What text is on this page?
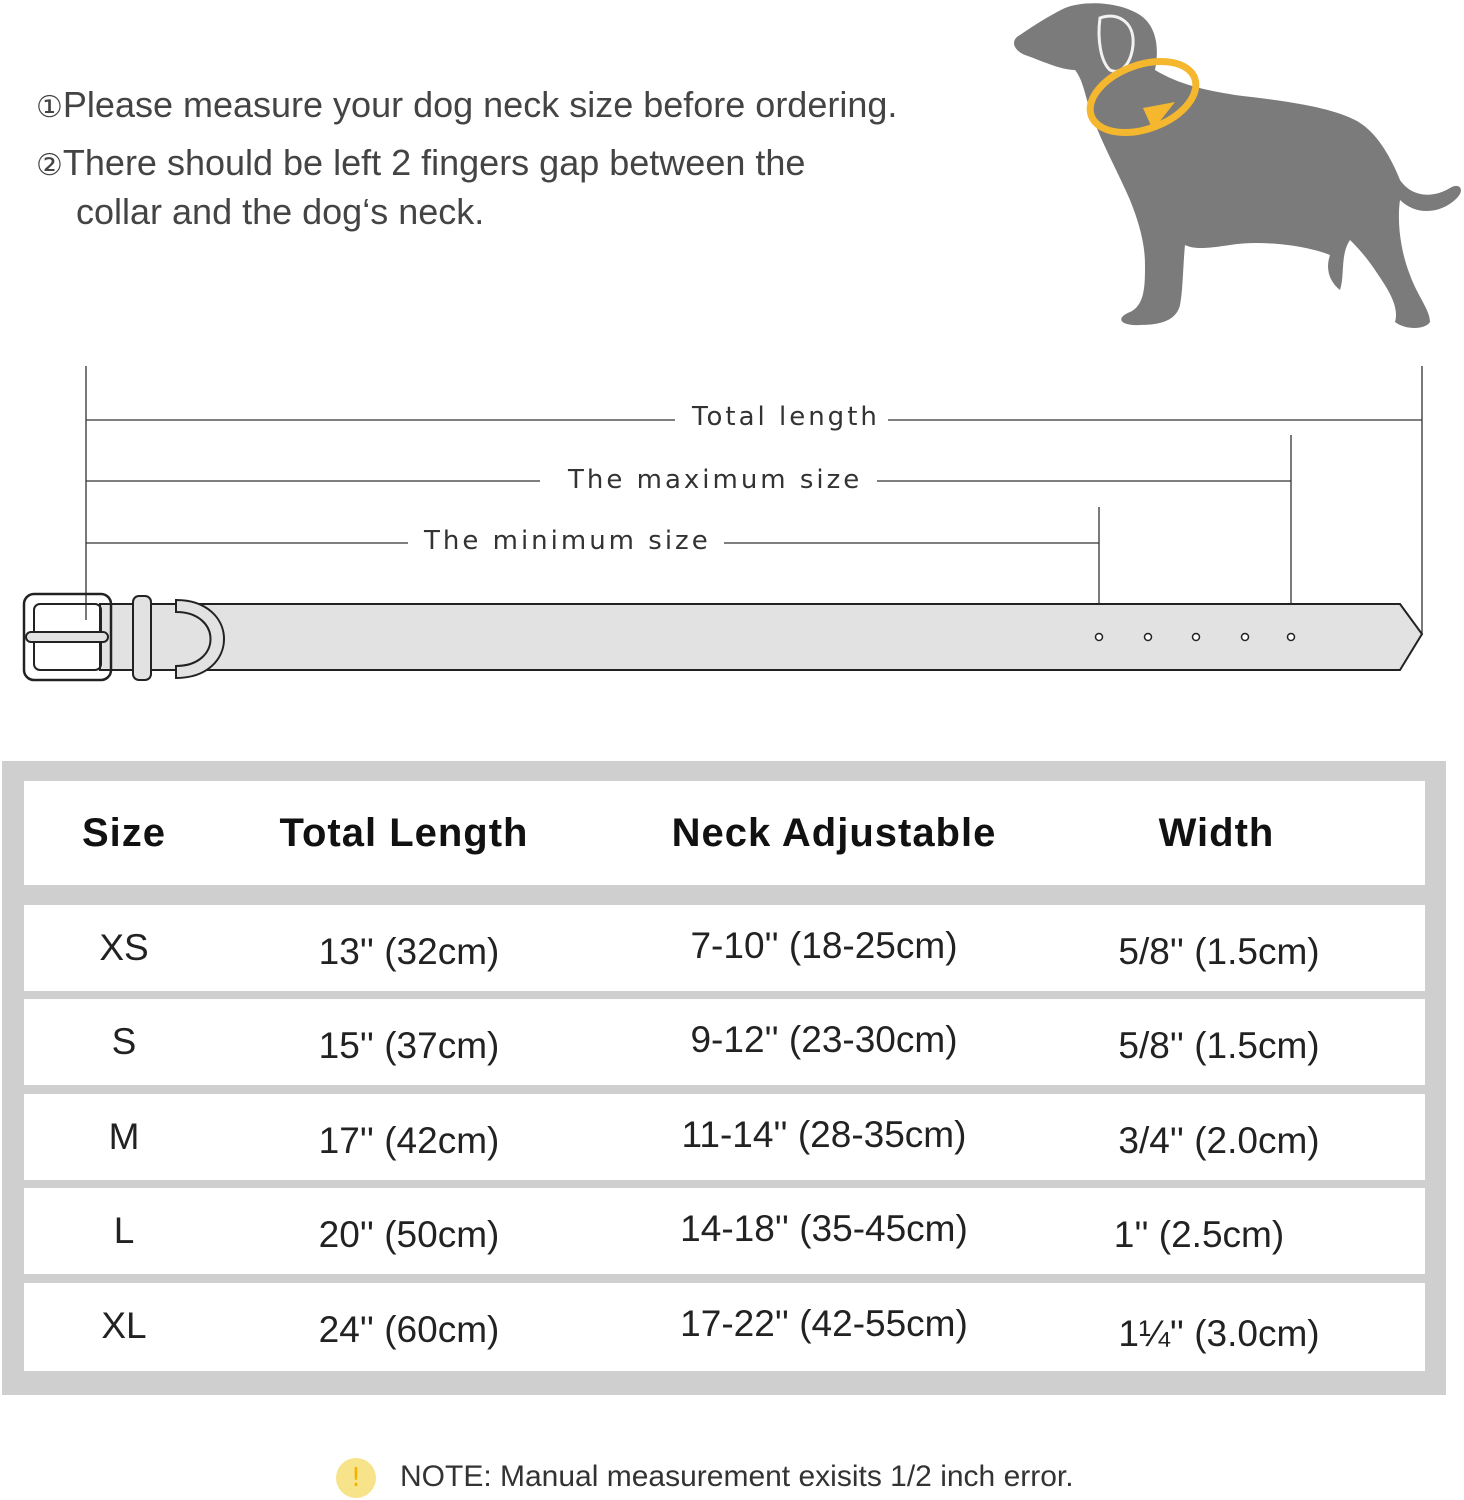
①Please measure your dog neck size before ordering.
②There should be left 2 fingers gap between the
collar and the dog‘s neck.
Total length
The maximum size
The minimum size
Size	Total Length	Neck Adjustable	Width
XS	13'' (32cm)	7-10'' (18-25cm)	5/8'' (1.5cm)
S	15'' (37cm)	9-12'' (23-30cm)	5/8'' (1.5cm)
M	17'' (42cm)	11-14'' (28-35cm)	3/4'' (2.0cm)
L	20'' (50cm)	14-18'' (35-45cm)	1'' (2.5cm)
XL	24'' (60cm)	17-22'' (42-55cm)	1¼'' (3.0cm)
!	NOTE: Manual measurement exisits 1/2 inch error.
